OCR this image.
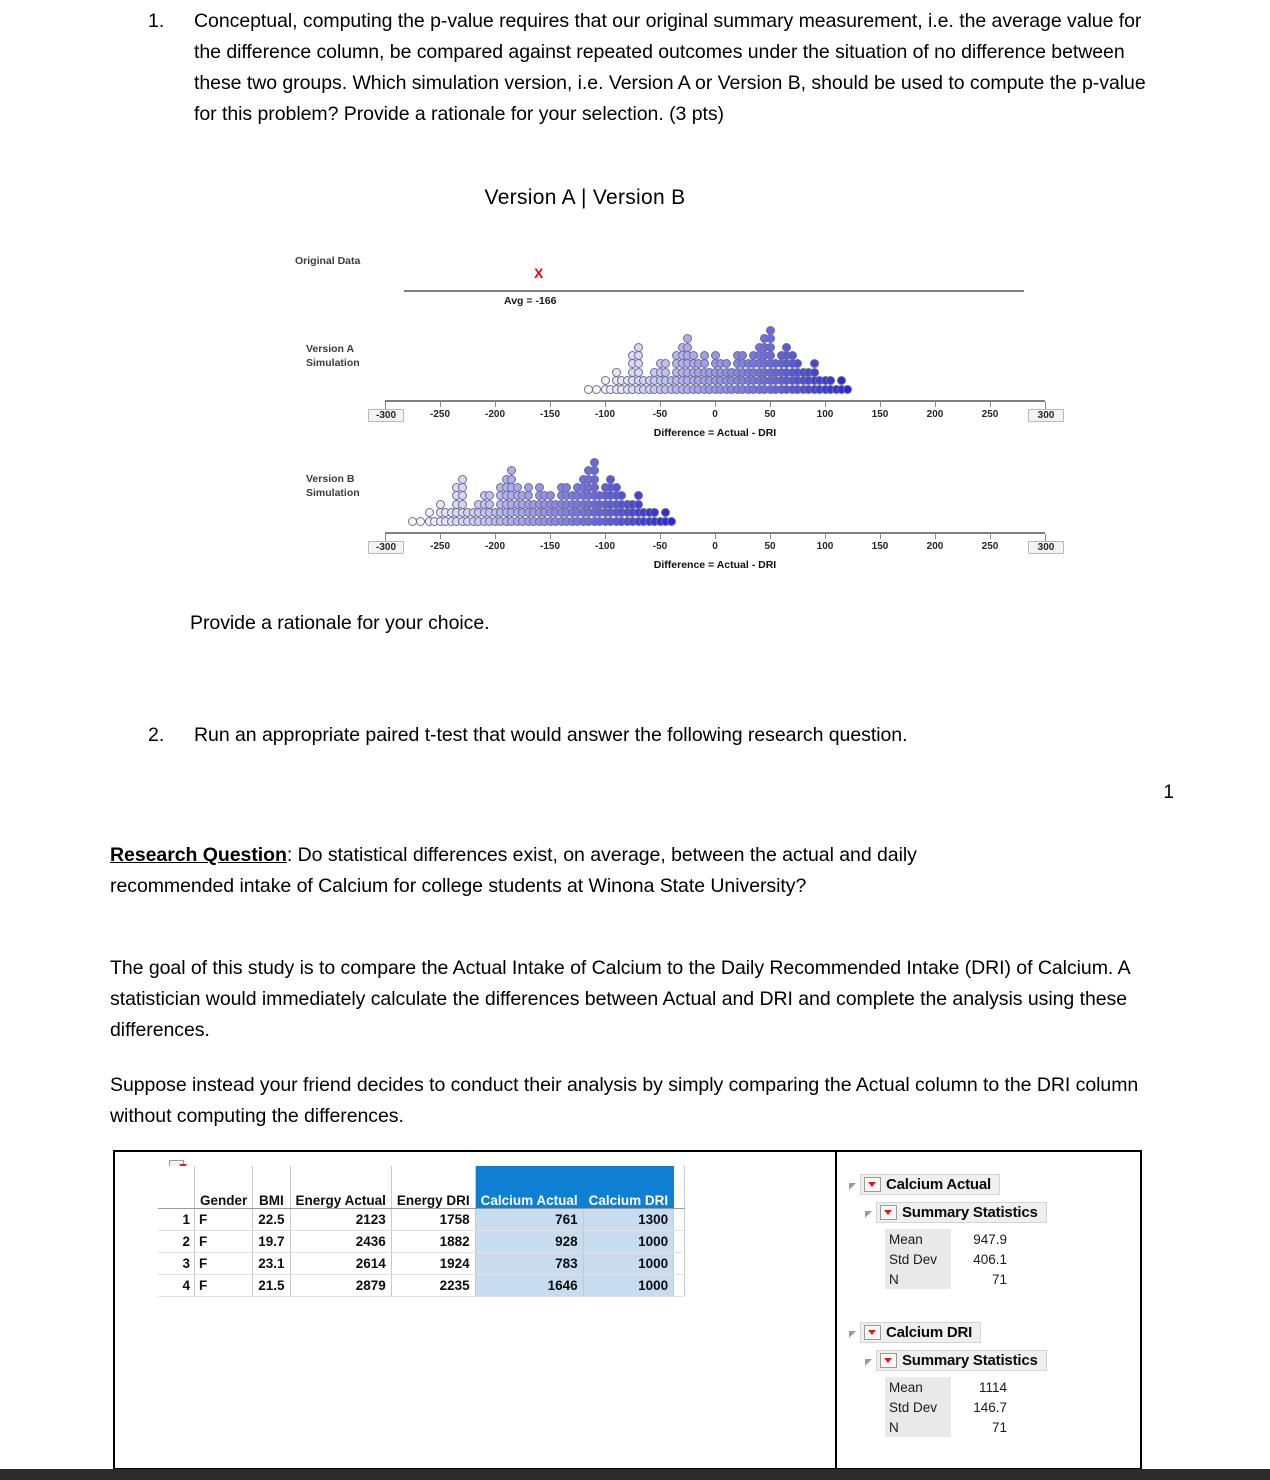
1.	Conceptual, computing the p-value requires that our original summary measurement, i.e. the average value for the difference column, be compared against repeated outcomes under the situation of no difference between these two groups. Which simulation version, i.e. Version A or Version B, should be used to compute the p-value for this problem? Provide a rationale for your selection. (3 pts)
Version A | Version B
Original Data
X
Avg = -166
Version A
Simulation
Version B
Simulation
-300	-250	-200	-150	-100	-50	0	50	100	150	200	250	300
Difference = Actual - DRI
-300	-250	-200	-150	-100	-50	0	50	100	150	200	250	300
Difference = Actual - DRI
Provide a rationale for your choice.
2.	Run an appropriate paired t-test that would answer the following research question.
1
Research Question: Do statistical differences exist, on average, between the actual and daily recommended intake of Calcium for college students at Winona State University?
The goal of this study is to compare the Actual Intake of Calcium to the Daily Recommended Intake (DRI) of Calcium. A statistician would immediately calculate the differences between Actual and DRI and complete the analysis using these differences.
Suppose instead your friend decides to conduct their analysis by simply comparing the Actual column to the DRI column without computing the differences.
	Gender	BMI	Energy Actual	Energy DRI	Calcium Actual	Calcium DRI	
1	F	22.5	2123	1758	761	1300	
2	F	19.7	2436	1882	928	1000	
3	F	23.1	2614	1924	783	1000	
4	F	21.5	2879	2235	1646	1000	
Calcium Actual
Summary Statistics
Mean	947.9
Std Dev	406.1
N	71
Calcium DRI
Summary Statistics
Mean	1114
Std Dev	146.7
N	71
